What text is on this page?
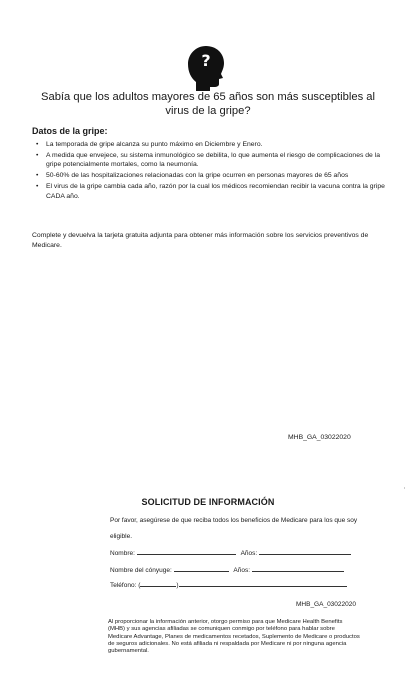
?
Sabía que los adultos mayores de 65 años son más susceptibles al virus de la gripe?
Datos de la gripe:
• La temporada de gripe alcanza su punto máximo en Diciembre y Enero.
• A medida que envejece, su sistema inmunológico se debilita, lo que aumenta el riesgo de complicaciones de la gripe potencialmente mortales, como la neumonía.
• 50-60% de las hospitalizaciones relacionadas con la gripe ocurren en personas mayores de 65 años
• El virus de la gripe cambia cada año, razón por la cual los médicos recomiendan recibir la vacuna contra la gripe CADA año.
Complete y devuelva la tarjeta gratuita adjunta para obtener más información sobre los servicios preventivos de Medicare.
MHB_GA_03022020
SOLICITUD DE INFORMACIÓN
Por favor, asegúrese de que reciba todos los beneficios de Medicare para los que soy eligible.
Nombre:	Años:
Nombre del cónyuge:	Años:
Teléfono: (	)
MHB_GA_03022020
Al proporcionar la información anterior, otorgo permiso para que Medicare Health Benefits (MHB) y sus agencias afiliadas se comuniquen conmigo por teléfono para hablar sobre Medicare Advantage, Planes de medicamentos recetados, Suplemento de Medicare o productos de seguros adicionales. No está afiliada ni respaldada por Medicare ni por ninguna agencia gubernamental.
